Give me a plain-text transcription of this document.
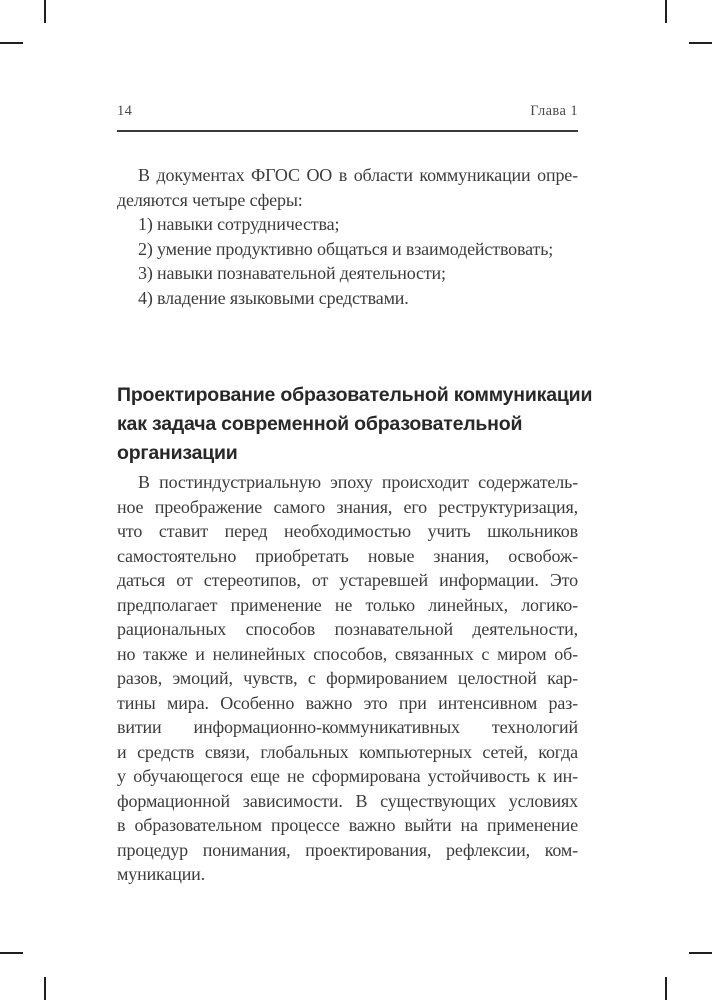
14	Глава 1
В документах ФГОС ОО в области коммуникации опре-
деляются четыре сферы:
1) навыки сотрудничества;
2) умение продуктивно общаться и взаимодействовать;
3) навыки познавательной деятельности;
4) владение языковыми средствами.
Проектирование образовательной коммуникации
как задача современной образовательной
организации
В постиндустриальную эпоху происходит содержатель-
ное преображение самого знания, его реструктуризация,
что ставит перед необходимостью учить школьников
самостоятельно приобретать новые знания, освобож-
даться от стереотипов, от устаревшей информации. Это
предполагает применение не только линейных, логико-
рациональных способов познавательной деятельности,
но также и нелинейных способов, связанных с миром об-
разов, эмоций, чувств, с формированием целостной кар-
тины мира. Особенно важно это при интенсивном раз-
витии информационно-коммуникативных технологий
и средств связи, глобальных компьютерных сетей, когда
у обучающегося еще не сформирована устойчивость к ин-
формационной зависимости. В существующих условиях
в образовательном процессе важно выйти на применение
процедур понимания, проектирования, рефлексии, ком-
муникации.
